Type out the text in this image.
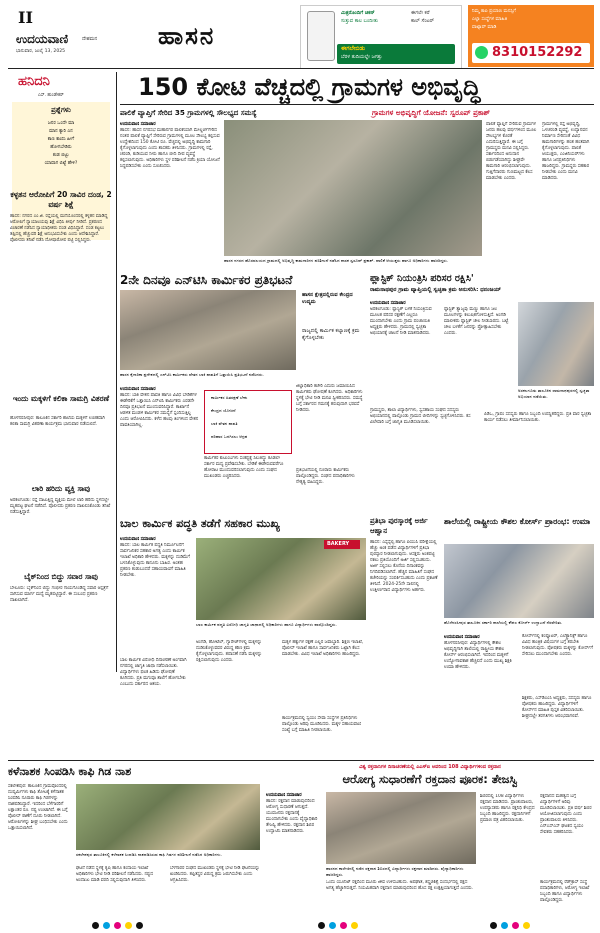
II
ಉದಯವಾಣಿ	ದೇಶಮನ
ಭಾನುವಾರ, ಜುಲೈ 13, 2025
ಹಾಸನ
ಮಿತ್ರರೊಂದಿಗೆ ಚಿಕನ್
ಸುತ್ತುವ ಕಾಲ ಬಂದೀತು
ಈಗಲೇ ಕರೆ
ಕಾಲ್ ಸೆಂಟರ್
ಈಗಲೇಬಿಡು
ಬೆರಳ ತುದಿಯಲ್ಲೇ ಜಗತ್ತು
ನಿಮ್ಮ ಕಾಪಿ ಪ್ರಯಾಣ ಮನಸ್ಸಿಗೆ
ಎಲ್ಲಾ ಸಂಸ್ಥೆಗಳ ಮಾಹಿತಿ
ವಾಟ್ಸಾಪ್ ಮಾಡಿ
8310152292
ಹನಿದನಿ
ಎಸ್. ಹುಂಡೇಕರ್
ಪ್ರಶ್ನೆಗಳು
ಜನರ ಒಂದೇ ಮಾ
ಮಾನ ಕ್ಯಾರಿ ಎನ
ಕಾಣ ಕಾಣಿಸಿ ಹೀಗೆ
ಹೋಗಬೇಡಿರು
ಕಂಡ ಬಿಟ್ಟು
ಯಾವಾಗ ಬಿಟ್ಟೆ ಹೇಳಿ?
ಕಳ್ಳತನ ಆರೋಪಿಗೆ 20 ಸಾವಿರ ದಂಡ, 2 ವರ್ಷ ಶಿಕ್ಷೆ
ಹಾಸನ: ನಗರದ ಎಂ.ಜಿ. ರಸ್ತೆಯಲ್ಲಿ ಮನೆಯೊಂದರಲ್ಲಿ ಕಳ್ಳತನ ಮಾಡಿದ್ದ ಆರೋಪಿಗೆ ನ್ಯಾಯಾಲಯವು ಶಿಕ್ಷೆ ವಿಧಿಸಿ ತೀರ್ಪು ನೀಡಿದೆ. ಪ್ರಕರಣದ ವಿಚಾರಣೆ ನಡೆಸಿದ ನ್ಯಾಯಾಧೀಶರು ದಂಡ ವಿಧಿಸಿದ್ದಾರೆ. ದಂಡ ಕಟ್ಟಲು ತಪ್ಪಿದಲ್ಲಿ ಹೆಚ್ಚುವರಿ ಶಿಕ್ಷೆ ಅನುಭವಿಸಬೇಕು ಎಂದು ಆದೇಶಿಸಿದ್ದಾರೆ. ಪೊಲೀಸರು ತನಿಖೆ ನಡೆಸಿ ದೋಷಾರೋಪ ಪಟ್ಟಿ ಸಲ್ಲಿಸಿದ್ದರು.
ಇಂದು ಮಕ್ಕಳಿಗೆ ಕಲಿಕಾ ಸಾಮಗ್ರಿ ವಿತರಣೆ
ಹೊಳೆನರಸೀಪುರ: ತಾಲೂಕಿನ ಸರ್ಕಾರಿ ಶಾಲೆಯ ಮಕ್ಕಳಿಗೆ ಉಚಿತವಾಗಿ ಕಲಿಕಾ ಸಾಮಗ್ರಿ ವಿತರಣಾ ಕಾರ್ಯಕ್ರಮ ಭಾನುವಾರ ನಡೆಯಲಿದೆ.
ಲಾರಿ ಹರಿದು ವ್ಯಕ್ತಿ ಸಾವು
ಅರಕಲಗೂಡು: ರಸ್ತೆ ದಾಟುತ್ತಿದ್ದ ವ್ಯಕ್ತಿಯ ಮೇಲೆ ಲಾರಿ ಹರಿದು ಸ್ಥಳದಲ್ಲೇ ಮೃತಪಟ್ಟ ಘಟನೆ ನಡೆದಿದೆ. ಪೊಲೀಸರು ಪ್ರಕರಣ ದಾಖಲಿಸಿಕೊಂಡು ತನಿಖೆ ನಡೆಸುತ್ತಿದ್ದಾರೆ.
ಬೈಕ್‌ನಿಂದ ಬಿದ್ದು ಸವಾರ ಸಾವು
ಬೇಲೂರು: ಬೈಕ್‌ನಿಂದ ಬಿದ್ದು ಗಂಭೀರ ಗಾಯಗೊಂಡಿದ್ದ ಸವಾರ ಆಸ್ಪತ್ರೆಗೆ ಸಾಗಿಸುವ ಮಾರ್ಗ ಮಧ್ಯೆ ಮೃತಪಟ್ಟಿದ್ದಾರೆ. ಈ ಸಂಬಂಧ ಪ್ರಕರಣ ದಾಖಲಾಗಿದೆ.
150 ಕೋಟಿ ವೆಚ್ಚದಲ್ಲಿ ಗ್ರಾಮಗಳ ಅಭಿವೃದ್ಧಿ
ಪಾಲಿಕೆ ವ್ಯಾಪ್ತಿಗೆ ಸೇರಿದ 35 ಗ್ರಾಮಗಳಲ್ಲಿ ಸೌಲಭ್ಯದ ಸಮಸ್ಯೆ	ಗ್ರಾಮಗಳ ಅಭಿವೃದ್ಧಿಗೆ ಯೋಜನೆ: ಸ್ವರೂಪ್ ಪ್ರಕಾಶ್
ಉದಯವಾಣಿ ಸಮಾಚಾರ
ಹಾಸನ: ಹಾಸನ ನಗರಸಭೆ ಮಹಾನಗರ ಪಾಲಿಕೆಯಾಗಿ ಮೇಲ್ದರ್ಜೆಗೇರಿದ ನಂತರ ಪಾಲಿಕೆ ವ್ಯಾಪ್ತಿಗೆ ಸೇರಿರುವ ಗ್ರಾಮಗಳಲ್ಲಿ ಮೂಲ ಸೌಲಭ್ಯ ಕಲ್ಪಿಸುವ ಉದ್ದೇಶದಿಂದ 150 ಕೋಟಿ ರೂ. ವೆಚ್ಚದಲ್ಲಿ ಅಭಿವೃದ್ಧಿ ಕಾಮಗಾರಿ ಕೈಗೊಳ್ಳಲಾಗುವುದು ಎಂದು ಶಾಸಕರು ತಿಳಿಸಿದರು. ಗ್ರಾಮಗಳಲ್ಲಿ ರಸ್ತೆ, ಚರಂಡಿ, ಕುಡಿಯುವ ನೀರು ಹಾಗೂ ಬೀದಿ ದೀಪ ವ್ಯವಸ್ಥೆ ಕಲ್ಪಿಸಲಾಗುವುದು. ಅಧಿಕಾರಿಗಳು ಸ್ಥಳ ಪರಿಶೀಲನೆ ನಡೆಸಿ ಕ್ರಿಯಾ ಯೋಜನೆ ಸಿದ್ಧಪಡಿಸಬೇಕು ಎಂದು ಸೂಚಿಸಿದರು.
ಪಾಲಿಕೆ ವ್ಯಾಪ್ತಿಗೆ ಸೇರಿರುವ ಗ್ರಾಮಗಳ ಜನರು ಹಲವು ವರ್ಷಗಳಿಂದ ಮೂಲ ಸೌಲಭ್ಯಗಳ ಕೊರತೆ ಎದುರಿಸುತ್ತಿದ್ದಾರೆ. ಈ ಬಗ್ಗೆ ಗ್ರಾಮಸ್ಥರು ಮನವಿ ಸಲ್ಲಿಸಿದ್ದರು. ಸರ್ಕಾರದಿಂದ ಅನುದಾನ ಬಿಡುಗಡೆಯಾಗಿದ್ದು ಶೀಘ್ರವೇ ಕಾಮಗಾರಿ ಆರಂಭಿಸಲಾಗುವುದು. ಗುತ್ತಿಗೆದಾರರು ಗುಣಮಟ್ಟದ ಕೆಲಸ ಮಾಡಬೇಕು ಎಂದರು.
ಗ್ರಾಮಗಳಲ್ಲಿ ರಸ್ತೆ ಅಭಿವೃದ್ಧಿ, ಒಳಚರಂಡಿ ವ್ಯವಸ್ಥೆ, ಉದ್ಯಾನವನ ನಿರ್ಮಾಣ ಸೇರಿದಂತೆ ವಿವಿಧ ಕಾಮಗಾರಿಗಳನ್ನು ಹಂತ ಹಂತವಾಗಿ ಕೈಗೊಳ್ಳಲಾಗುವುದು. ಪಾಲಿಕೆ ಆಯುಕ್ತರು, ಎಂಜಿನಿಯರ್‌ಗಳು ಹಾಗೂ ಜನಪ್ರತಿನಿಧಿಗಳು ಹಾಜರಿದ್ದರು. ಗ್ರಾಮಸ್ಥರು ಸಹಕಾರ ನೀಡಬೇಕು ಎಂದು ಮನವಿ ಮಾಡಿದರು.
ಹಾಸನ ನಗರದ ಹೊರವಲಯದ ಗ್ರಾಮದಲ್ಲಿ ಅಭಿವೃದ್ಧಿ ಕಾಮಗಾರಿಗಳ ಪರಿಶೀಲನೆ ನಡೆಸಿದ ಶಾಸಕ ಸ್ವರೂಪ್ ಪ್ರಕಾಶ್. ಪಾಲಿಕೆ ಆಯುಕ್ತರು ಹಾಗೂ ಅಧಿಕಾರಿಗಳು ಹಾಜರಿದ್ದರು.
2ನೇ ದಿನವೂ ಎನ್‌ಟಿಸಿ ಕಾರ್ಮಿಕರ ಪ್ರತಿಭಟನೆ
ಹಾಸನ ಕೈಗಾರಿಕಾ ಪ್ರದೇಶದಲ್ಲಿ ಎನ್‌ಟಿಸಿ ಕಾರ್ಮಿಕರು ವೇತನ ಬಾಕಿ ಪಾವತಿಗೆ ಒತ್ತಾಯಿಸಿ ಪ್ರತಿಭಟನೆ ನಡೆಸಿದರು.
ಹಾಸನ ಕ್ಷೇತ್ರದಲ್ಲಿರುವ ಕೇಂದ್ರದ ಉದ್ಯಮ
ರಾಜ್ಯದಲ್ಲಿ ಕಾರ್ಮಿಕ ಕಲ್ಯಾಣಕ್ಕೆ ಕ್ರಮ ಕೈಗೊಳ್ಳಬೇಕು
ಉದಯವಾಣಿ ಸಮಾಚಾರ
ಹಾಸನ: ಬಾಕಿ ವೇತನ ಪಾವತಿ ಹಾಗೂ ವಿವಿಧ ಬೇಡಿಕೆಗಳ ಈಡೇರಿಕೆಗೆ ಒತ್ತಾಯಿಸಿ ಎನ್‌ಟಿಸಿ ಕಾರ್ಮಿಕರು ಎರಡನೇ ದಿನವೂ ಪ್ರತಿಭಟನೆ ಮುಂದುವರಿಸಿದ್ದಾರೆ. ಕಾರ್ಖಾನೆ ಆಡಳಿತ ಮಂಡಳಿ ಕಾರ್ಮಿಕರ ಸಮಸ್ಯೆಗೆ ಸ್ಪಂದಿಸುತ್ತಿಲ್ಲ ಎಂದು ಆರೋಪಿಸಿದರು. ಕಳೆದ ಹಲವು ತಿಂಗಳಿಂದ ವೇತನ ಪಾವತಿಯಾಗಿಲ್ಲ.
ಕಾರ್ಮಿಕರ ಹಿತರಕ್ಷಣೆ ಬೇಕು
ಕೇಂದ್ರದ ಯೋಜನೆ
ಬಾಕಿ ವೇತನ ಪಾವತಿ
ಪರಿಹಾರ ಒದಗಿಸಲು ಆಗ್ರಹ
ಕಾರ್ಮಿಕರ ಕುಟುಂಬಗಳು ಸಂಕಷ್ಟಕ್ಕೆ ಸಿಲುಕಿದ್ದು ಕೂಡಲೇ ಸರ್ಕಾರ ಮಧ್ಯ ಪ್ರವೇಶಿಸಬೇಕು. ಬೇಡಿಕೆ ಈಡೇರುವವರೆಗೂ ಹೋರಾಟ ಮುಂದುವರಿಸಲಾಗುವುದು ಎಂದು ಸಂಘದ ಮುಖಂಡರು ಎಚ್ಚರಿಸಿದರು.
ಜಿಲ್ಲಾಧಿಕಾರಿ ಕಚೇರಿ ಎದುರು ಜಮಾಯಿಸಿದ ಕಾರ್ಮಿಕರು ಘೋಷಣೆ ಕೂಗಿದರು. ಅಧಿಕಾರಿಗಳು ಸ್ಥಳಕ್ಕೆ ಭೇಟಿ ನೀಡಿ ಮನವಿ ಸ್ವೀಕರಿಸಿದರು. ಸಮಸ್ಯೆ ಬಗ್ಗೆ ಸರ್ಕಾರದ ಗಮನಕ್ಕೆ ತರುವುದಾಗಿ ಭರವಸೆ ನೀಡಿದರು.
ಪ್ರತಿಭಟನೆಯಲ್ಲಿ ನೂರಾರು ಕಾರ್ಮಿಕರು ಪಾಲ್ಗೊಂಡಿದ್ದರು. ಸಂಘದ ಪದಾಧಿಕಾರಿಗಳು ನೇತೃತ್ವ ವಹಿಸಿದ್ದರು.
ಪ್ಲಾಸ್ಟಿಕ್ ನಿಯಂತ್ರಿಸಿ ಪರಿಸರ ರಕ್ಷಿಸಿ'
ರಾಮನಾಥಪುರ ಗ್ರಾಮ ವ್ಯಾಪ್ತಿಯಲ್ಲಿ ಸ್ವಚ್ಛತಾ ಕ್ರಮ ಅನುಸರಿಸಿ: ಧನಂಜಯ್
ಉದಯವಾಣಿ ಸಮಾಚಾರ
ಅರಕಲಗೂಡು: ಪ್ಲಾಸ್ಟಿಕ್ ಬಳಕೆ ನಿಯಂತ್ರಿಸುವ ಮೂಲಕ ಪರಿಸರ ರಕ್ಷಣೆಗೆ ಎಲ್ಲರೂ ಮುಂದಾಗಬೇಕು ಎಂದು ಗ್ರಾಮ ಪಂಚಾಯಿತಿ ಅಧ್ಯಕ್ಷರು ಹೇಳಿದರು. ಗ್ರಾಮದಲ್ಲಿ ಸ್ವಚ್ಛತಾ ಅಭಿಯಾನಕ್ಕೆ ಚಾಲನೆ ನೀಡಿ ಮಾತನಾಡಿದರು.
ಪ್ಲಾಸ್ಟಿಕ್ ತ್ಯಾಜ್ಯವು ಮಣ್ಣು ಹಾಗೂ ಜಲ ಮೂಲಗಳನ್ನು ಕಲುಷಿತಗೊಳಿಸುತ್ತಿದೆ. ಅಂಗಡಿ ಮಾಲೀಕರು ಪ್ಲಾಸ್ಟಿಕ್ ಚೀಲ ನೀಡಬಾರದು. ಬಟ್ಟೆ ಚೀಲ ಬಳಕೆಗೆ ಜನರನ್ನು ಪ್ರೋತ್ಸಾಹಿಸಬೇಕು ಎಂದರು.
ಅರಕಲಗೂಡು ತಾಲೂಕಿನ ರಾಮನಾಥಪುರದಲ್ಲಿ ಸ್ವಚ್ಛತಾ ಅಭಿಯಾನ ನಡೆಯಿತು.
ಗ್ರಾಮಸ್ಥರು, ಶಾಲಾ ವಿದ್ಯಾರ್ಥಿಗಳು, ಸ್ವಸಹಾಯ ಸಂಘದ ಸದಸ್ಯರು ಅಭಿಯಾನದಲ್ಲಿ ಪಾಲ್ಗೊಂಡು ಗ್ರಾಮದ ಬೀದಿಗಳನ್ನು ಸ್ವಚ್ಛಗೊಳಿಸಿದರು. ಕಸ ವಿಲೇವಾರಿ ಬಗ್ಗೆ ಜಾಗೃತಿ ಮೂಡಿಸಲಾಯಿತು.
ಪಿಡಿಒ, ಗ್ರಾಪಂ ಸದಸ್ಯರು ಹಾಗೂ ಸಿಬ್ಬಂದಿ ಉಪಸ್ಥಿತರಿದ್ದರು. ಪ್ರತಿ ವಾರ ಸ್ವಚ್ಛತಾ ಕಾರ್ಯ ನಡೆಸಲು ತೀರ್ಮಾನಿಸಲಾಯಿತು.
ಬಾಲ ಕಾರ್ಮಿಕ ಪದ್ಧತಿ ತಡೆಗೆ ಸಹಕಾರ ಮುಖ್ಯ
ಉದಯವಾಣಿ ಸಮಾಚಾರ
ಹಾಸನ: ಬಾಲ ಕಾರ್ಮಿಕ ಪದ್ಧತಿ ನಿರ್ಮೂಲನೆಗೆ ಸಾರ್ವಜನಿಕರ ಸಹಕಾರ ಅಗತ್ಯ ಎಂದು ಕಾರ್ಮಿಕ ಇಲಾಖೆ ಅಧಿಕಾರಿ ಹೇಳಿದರು. ಮಕ್ಕಳನ್ನು ದುಡಿಮೆಗೆ ಬಳಸಿಕೊಳ್ಳುವುದು ಕಾನೂನು ಬಾಹಿರ. ಅಂತಹ ಪ್ರಕರಣ ಕಂಡುಬಂದರೆ ಸಹಾಯವಾಣಿಗೆ ಮಾಹಿತಿ ನೀಡಬೇಕು.
ಬಾಲ ಕಾರ್ಮಿಕ ವಿರೋಧಿ ದಿನಾಚರಣೆ ಅಂಗವಾಗಿ ನಗರದಲ್ಲಿ ಜಾಗೃತಿ ಜಾಥಾ ನಡೆಸಲಾಯಿತು. ವಿದ್ಯಾರ್ಥಿಗಳು ಫಲಕ ಹಿಡಿದು ಘೋಷಣೆ ಕೂಗಿದರು. ಪ್ರತಿ ಮಗುವೂ ಶಾಲೆಗೆ ಹೋಗಬೇಕು ಎಂಬುದು ಸರ್ಕಾರದ ಆಶಯ.
BAKERY
ಬಾಲ ಕಾರ್ಮಿಕ ಪದ್ಧತಿ ವಿರೋಧಿ ಜಾಗೃತಿ ಜಾಥಾದಲ್ಲಿ ಅಧಿಕಾರಿಗಳು ಹಾಗೂ ವಿದ್ಯಾರ್ಥಿಗಳು ಪಾಲ್ಗೊಂಡಿದ್ದರು.
ಅಂಗಡಿ, ಹೋಟೆಲ್, ಗ್ಯಾರೇಜ್‌ಗಳಲ್ಲಿ ಮಕ್ಕಳನ್ನು ದುಡಿಸಿಕೊಳ್ಳುವವರ ವಿರುದ್ಧ ಕಠಿಣ ಕ್ರಮ ಕೈಗೊಳ್ಳಲಾಗುವುದು. ತಪಾಸಣೆ ನಡೆಸಿ ಮಕ್ಕಳನ್ನು ರಕ್ಷಿಸಲಾಗುವುದು ಎಂದರು.
ಮಕ್ಕಳ ಹಕ್ಕುಗಳ ರಕ್ಷಣೆ ಎಲ್ಲರ ಜವಾಬ್ದಾರಿ. ಶಿಕ್ಷಣ ಇಲಾಖೆ, ಪೊಲೀಸ್ ಇಲಾಖೆ ಹಾಗೂ ಸಾರ್ವಜನಿಕರು ಒಟ್ಟಾಗಿ ಕೆಲಸ ಮಾಡಬೇಕು. ವಿವಿಧ ಇಲಾಖೆ ಅಧಿಕಾರಿಗಳು ಹಾಜರಿದ್ದರು.
ಕಾರ್ಯಕ್ರಮದಲ್ಲಿ ಸ್ವಯಂ ಸೇವಾ ಸಂಸ್ಥೆಗಳ ಪ್ರತಿನಿಧಿಗಳು ಪಾಲ್ಗೊಂಡು ಅರಿವು ಮೂಡಿಸಿದರು. ಮಕ್ಕಳ ಸಹಾಯವಾಣಿ ಸಂಖ್ಯೆ ಬಗ್ಗೆ ಮಾಹಿತಿ ನೀಡಲಾಯಿತು.
ಪ್ರತಿಭಾ ಪುರಸ್ಕಾರಕ್ಕೆ ಅರ್ಜಿ ಆಹ್ವಾನ
ಹಾಸನ: ಎಸ್ಸೆಸ್ಸೆಲ್ಸಿ ಹಾಗೂ ಪಿಯುಸಿ ಪರೀಕ್ಷೆಯಲ್ಲಿ ಹೆಚ್ಚು ಅಂಕ ಪಡೆದ ವಿದ್ಯಾರ್ಥಿಗಳಿಗೆ ಪ್ರತಿಭಾ ಪುರಸ್ಕಾರ ನೀಡಲಾಗುವುದು. ಆಸಕ್ತರು ಅಂಕಪಟ್ಟಿ ನಕಲು ಪ್ರತಿಯೊಂದಿಗೆ ಅರ್ಜಿ ಸಲ್ಲಿಸಬಹುದು. ಅರ್ಜಿ ಸಲ್ಲಿಸಲು ಕೊನೆಯ ದಿನಾಂಕವನ್ನು ನಿಗದಿಪಡಿಸಲಾಗಿದೆ. ಹೆಚ್ಚಿನ ಮಾಹಿತಿಗೆ ಸಂಘದ ಕಚೇರಿಯನ್ನು ಸಂಪರ್ಕಿಸಬಹುದು ಎಂದು ಪ್ರಕಟಣೆ ತಿಳಿಸಿದೆ. 2024-25ನೇ ಸಾಲಿನಲ್ಲಿ ಉತ್ತೀರ್ಣರಾದ ವಿದ್ಯಾರ್ಥಿಗಳು ಅರ್ಹರು.
ಶಾಲೆಯಲ್ಲಿ ರಾಷ್ಟ್ರೀಯ ಕೌಶಲ ಕೋರ್ಸ್ ಪ್ರಾರಂಭ: ಉಮಾ
ಹೊಳೆನರಸೀಪುರ ತಾಲೂಕಿನ ಸರ್ಕಾರಿ ಶಾಲೆಯಲ್ಲಿ ಕೌಶಲ ಕೋರ್ಸ್ ಉದ್ಘಾಟನೆ ನೆರವೇರಿತು.
ಉದಯವಾಣಿ ಸಮಾಚಾರ
ಹೊಳೆನರಸೀಪುರ: ವಿದ್ಯಾರ್ಥಿಗಳಲ್ಲಿ ಕೌಶಲ ಅಭಿವೃದ್ಧಿಗಾಗಿ ಶಾಲೆಯಲ್ಲಿ ರಾಷ್ಟ್ರೀಯ ಕೌಶಲ ಕೋರ್ಸ್ ಆರಂಭಿಸಲಾಗಿದೆ. ಇದರಿಂದ ಮಕ್ಕಳಿಗೆ ಉದ್ಯೋಗಾವಕಾಶ ಹೆಚ್ಚಲಿದೆ ಎಂದು ಮುಖ್ಯ ಶಿಕ್ಷಕಿ ಉಮಾ ಹೇಳಿದರು.
ಕೋರ್ಸ್‌ನಲ್ಲಿ ಕಂಪ್ಯೂಟರ್, ಎಲೆಕ್ಟ್ರಾನಿಕ್ಸ್ ಹಾಗೂ ವಿವಿಧ ತಾಂತ್ರಿಕ ವಿಷಯಗಳ ಬಗ್ಗೆ ತರಬೇತಿ ನೀಡಲಾಗುವುದು. ಪೋಷಕರು ಮಕ್ಕಳನ್ನು ಕೋರ್ಸ್‌ಗೆ ಸೇರಿಸಲು ಮುಂದಾಗಬೇಕು ಎಂದರು.
ಶಿಕ್ಷಕರು, ಎಸ್‌ಡಿಎಂಸಿ ಅಧ್ಯಕ್ಷರು, ಸದಸ್ಯರು ಹಾಗೂ ಪೋಷಕರು ಹಾಜರಿದ್ದರು. ವಿದ್ಯಾರ್ಥಿಗಳಿಗೆ ಕೋರ್ಸ್‌ನ ಮಾಹಿತಿ ಪುಸ್ತಕ ವಿತರಿಸಲಾಯಿತು. ಶೀಘ್ರದಲ್ಲೇ ತರಗತಿಗಳು ಆರಂಭವಾಗಲಿವೆ.
ಕಳೆನಾಶಕ ಸಿಂಪಡಿಸಿ ಕಾಫಿ ಗಿಡ ನಾಶ
ಸಕಲೇಶಪುರ: ತಾಲೂಕಿನ ಗ್ರಾಮವೊಂದರಲ್ಲಿ ದುಷ್ಕರ್ಮಿಗಳು ಕಾಫಿ ತೋಟಕ್ಕೆ ಕಳೆನಾಶಕ ಸಿಂಪಡಿಸಿ ನೂರಾರು ಕಾಫಿ ಗಿಡಗಳನ್ನು ನಾಶಪಡಿಸಿದ್ದಾರೆ. ಇದರಿಂದ ಬೆಳೆಗಾರರಿಗೆ ಲಕ್ಷಾಂತರ ರೂ. ನಷ್ಟ ಉಂಟಾಗಿದೆ. ಈ ಬಗ್ಗೆ ಪೊಲೀಸ್ ಠಾಣೆಗೆ ದೂರು ನೀಡಲಾಗಿದೆ. ಆರೋಪಿಗಳನ್ನು ಶೀಘ್ರ ಬಂಧಿಸಬೇಕು ಎಂದು ಒತ್ತಾಯಿಸಲಾಗಿದೆ.
ಸಕಲೇಶಪುರ ತಾಲೂಕಿನಲ್ಲಿ ಕಳೆನಾಶಕ ಸಿಂಪಡಿಸಿ ನಾಶಪಡಿಸಿರುವ ಕಾಫಿ ಗಿಡಗಳ ಪರಿಶೀಲನೆ ನಡೆಸಿದ ಅಧಿಕಾರಿಗಳು.
ಘಟನೆ ನಡೆದ ಸ್ಥಳಕ್ಕೆ ಕೃಷಿ ಹಾಗೂ ಕಂದಾಯ ಇಲಾಖೆ ಅಧಿಕಾರಿಗಳು ಭೇಟಿ ನೀಡಿ ಪರಿಶೀಲನೆ ನಡೆಸಿದರು. ನಷ್ಟದ ಅಂದಾಜು ಮಾಡಿ ವರದಿ ಸಲ್ಲಿಸುವುದಾಗಿ ತಿಳಿಸಿದರು.
ಬೆಳೆಗಾರರ ಸಂಘದ ಮುಖಂಡರು ಸ್ಥಳಕ್ಕೆ ಭೇಟಿ ನೀಡಿ ಘಟನೆಯನ್ನು ಖಂಡಿಸಿದರು. ತಪ್ಪಿತಸ್ಥರ ವಿರುದ್ಧ ಕ್ರಮ ಜರುಗಿಸಬೇಕು ಎಂದು ಆಗ್ರಹಿಸಿದರು.
ವಿಶ್ವ ರಕ್ತದಾನಿಗಳ ದಿನಾಚರಣೆಯಲ್ಲಿ ಎಎಸ್‌ಐ ಅವರಿಂದ 108 ವಿದ್ಯಾರ್ಥಿಗಳಿಂದ ರಕ್ತದಾನ
ಆರೋಗ್ಯ ಸುಧಾರಣೆಗೆ ರಕ್ತದಾನ ಪೂರಕ: ತೇಜಸ್ವಿ
ಉದಯವಾಣಿ ಸಮಾಚಾರ
ಹಾಸನ: ರಕ್ತದಾನ ಮಾಡುವುದರಿಂದ ಆರೋಗ್ಯ ಸುಧಾರಣೆ ಆಗುತ್ತದೆ. ಯುವಜನರು ರಕ್ತದಾನಕ್ಕೆ ಮುಂದಾಗಬೇಕು ಎಂದು ವೈದ್ಯಾಧಿಕಾರಿ ತೇಜಸ್ವಿ ಹೇಳಿದರು. ರಕ್ತದಾನ ಶಿಬಿರ ಉದ್ಘಾಟಿಸಿ ಮಾತನಾಡಿದರು.
ಹಾಸನದ ಕಾಲೇಜಿನಲ್ಲಿ ನಡೆದ ರಕ್ತದಾನ ಶಿಬಿರದಲ್ಲಿ ವಿದ್ಯಾರ್ಥಿಗಳು ರಕ್ತದಾನ ಮಾಡಿದರು. ವೈದ್ಯಾಧಿಕಾರಿಗಳು ಹಾಜರಿದ್ದರು.
ಒಂದು ಯೂನಿಟ್ ರಕ್ತದಿಂದ ಮೂರು ಜೀವ ಉಳಿಸಬಹುದು. ಅಪಘಾತ, ಶಸ್ತ್ರಚಿಕಿತ್ಸೆ ಸಂದರ್ಭದಲ್ಲಿ ರಕ್ತದ ಅಗತ್ಯ ಹೆಚ್ಚಾಗಿರುತ್ತದೆ. ನಿಯಮಿತವಾಗಿ ರಕ್ತದಾನ ಮಾಡುವುದರಿಂದ ಹೊಸ ರಕ್ತ ಉತ್ಪತ್ತಿಯಾಗುತ್ತದೆ ಎಂದರು.
ಶಿಬಿರದಲ್ಲಿ 108 ವಿದ್ಯಾರ್ಥಿಗಳು ರಕ್ತದಾನ ಮಾಡಿದರು. ಪ್ರಾಂಶುಪಾಲರು, ಉಪನ್ಯಾಸಕರು ಹಾಗೂ ರಕ್ತನಿಧಿ ಕೇಂದ್ರದ ಸಿಬ್ಬಂದಿ ಹಾಜರಿದ್ದರು. ರಕ್ತದಾನಿಗಳಿಗೆ ಪ್ರಮಾಣ ಪತ್ರ ವಿತರಿಸಲಾಯಿತು.
ರಕ್ತದಾನದ ಮಹತ್ವದ ಬಗ್ಗೆ ವಿದ್ಯಾರ್ಥಿಗಳಿಗೆ ಅರಿವು ಮೂಡಿಸಲಾಯಿತು. ಪ್ರತಿ ವರ್ಷ ಶಿಬಿರ ಆಯೋಜಿಸಲಾಗುವುದು ಎಂದು ಪ್ರಾಂಶುಪಾಲರು ತಿಳಿಸಿದರು. ಎನ್‌ಎಸ್‌ಎಸ್ ಘಟಕದ ಸ್ವಯಂ ಸೇವಕರು ಸಹಕರಿಸಿದರು.
ಕಾರ್ಯಕ್ರಮದಲ್ಲಿ ರೆಡ್‌ಕ್ರಾಸ್ ಸಂಸ್ಥೆ ಪದಾಧಿಕಾರಿಗಳು, ಆರೋಗ್ಯ ಇಲಾಖೆ ಸಿಬ್ಬಂದಿ ಹಾಗೂ ವಿದ್ಯಾರ್ಥಿಗಳು ಪಾಲ್ಗೊಂಡಿದ್ದರು.
